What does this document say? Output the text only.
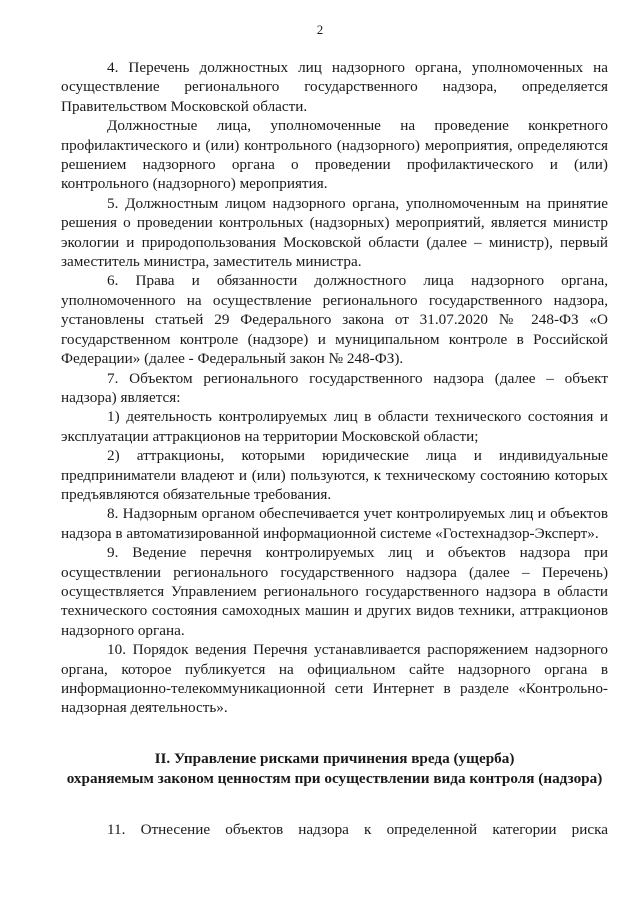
2

4. Перечень должностных лиц надзорного органа, уполномоченных на осуществление регионального государственного надзора, определяется Правительством Московской области.

Должностные лица, уполномоченные на проведение конкретного профилактического и (или) контрольного (надзорного) мероприятия, определяются решением надзорного органа о проведении профилактического и (или) контрольного (надзорного) мероприятия.

5. Должностным лицом надзорного органа, уполномоченным на принятие решения о проведении контрольных (надзорных) мероприятий, является министр экологии и природопользования Московской области (далее – министр), первый заместитель министра, заместитель министра.

6. Права и обязанности должностного лица надзорного органа, уполномоченного на осуществление регионального государственного надзора, установлены статьей 29 Федерального закона от 31.07.2020 № 248-ФЗ «О государственном контроле (надзоре) и муниципальном контроле в Российской Федерации» (далее - Федеральный закон № 248-ФЗ).

7. Объектом регионального государственного надзора (далее – объект надзора) является:

1) деятельность контролируемых лиц в области технического состояния и эксплуатации аттракционов на территории Московской области;

2) аттракционы, которыми юридические лица и индивидуальные предприниматели владеют и (или) пользуются, к техническому состоянию которых предъявляются обязательные требования.

8. Надзорным органом обеспечивается учет контролируемых лиц и объектов надзора в автоматизированной информационной системе «Гостехнадзор-Эксперт».

9. Ведение перечня контролируемых лиц и объектов надзора при осуществлении регионального государственного надзора (далее – Перечень) осуществляется Управлением регионального государственного надзора в области технического состояния самоходных машин и других видов техники, аттракционов надзорного органа.

10. Порядок ведения Перечня устанавливается распоряжением надзорного органа, которое публикуется на официальном сайте надзорного органа в информационно-телекоммуникационной сети Интернет в разделе «Контрольно-надзорная деятельность».

II. Управление рисками причинения вреда (ущерба)
охраняемым законом ценностям при осуществлении вида контроля (надзора)

11. Отнесение объектов надзора к определенной категории риска
